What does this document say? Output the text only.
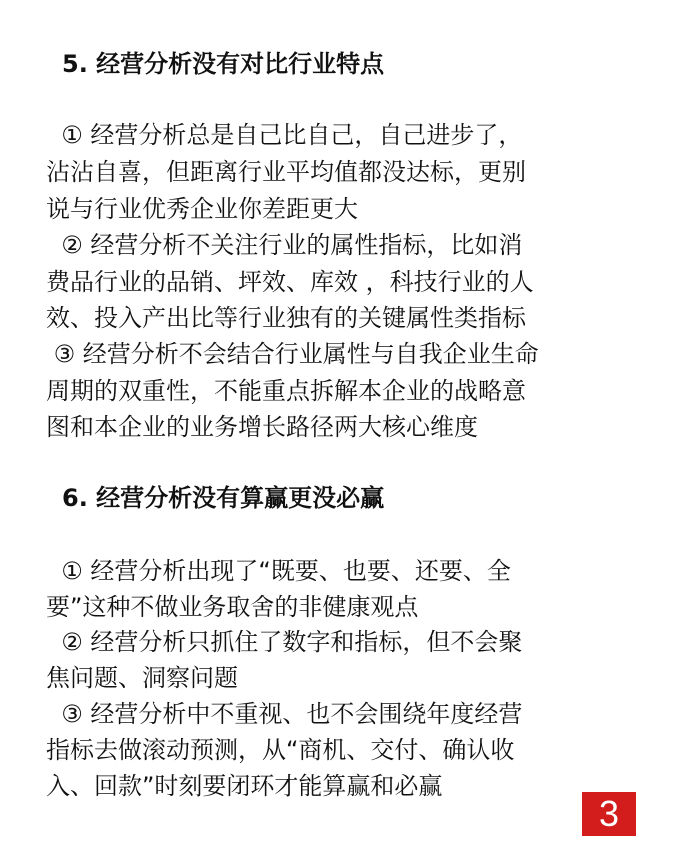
5. 经营分析没有对比行业特点
① 经营分析总是自己比自己，自己进步了，
沾沾自喜，但距离行业平均值都没达标，更别
说与行业优秀企业你差距更大
② 经营分析不关注行业的属性指标，比如消
费品行业的品销、坪效、库效 ，科技行业的人
效、投入产出比等行业独有的关键属性类指标
③ 经营分析不会结合行业属性与自我企业生命
周期的双重性，不能重点拆解本企业的战略意
图和本企业的业务增长路径两大核心维度
6. 经营分析没有算赢更没必赢
① 经营分析出现了“既要、也要、还要、全
要”这种不做业务取舍的非健康观点
② 经营分析只抓住了数字和指标，但不会聚
焦问题、洞察问题
③ 经营分析中不重视、也不会围绕年度经营
指标去做滚动预测，从“商机、交付、确认收
入、回款”时刻要闭环才能算赢和必赢
3
